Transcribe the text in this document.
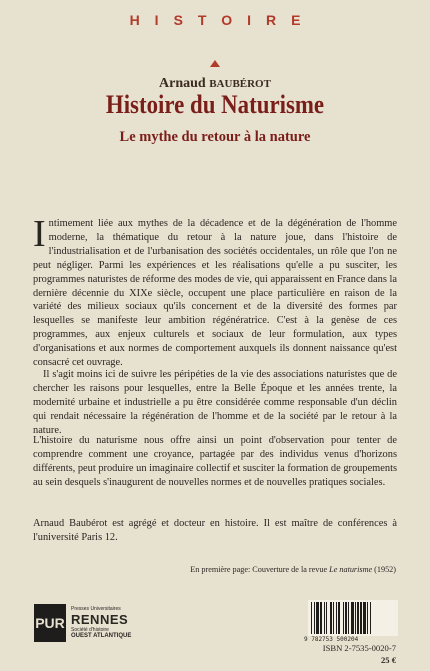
HISTOIRE
Arnaud BAUBÉROT
Histoire du Naturisme
Le mythe du retour à la nature
Intimement liée aux mythes de la décadence et de la dégénération de l'homme moderne, la thématique du retour à la nature joue, dans l'histoire de l'industrialisation et de l'urbanisation des sociétés occidentales, un rôle que l'on ne peut négliger. Parmi les expériences et les réalisations qu'elle a pu susciter, les programmes naturistes de réforme des modes de vie, qui apparaissent en France dans la dernière décennie du XIXe siècle, occupent une place particulière en raison de la variété des milieux sociaux qu'ils concernent et de la diversité des formes par lesquelles se manifeste leur ambition régénératrice. C'est à la genèse de ces programmes, aux enjeux culturels et sociaux de leur formulation, aux types d'organisations et aux normes de comportement auxquels ils donnent naissance qu'est consacré cet ouvrage.
Il s'agit moins ici de suivre les péripéties de la vie des associations naturistes que de chercher les raisons pour lesquelles, entre la Belle Époque et les années trente, la modernité urbaine et industrielle a pu être considérée comme responsable d'un déclin qui rendait nécessaire la régénération de l'homme et de la société par le retour à la nature.
L'histoire du naturisme nous offre ainsi un point d'observation pour tenter de comprendre comment une croyance, partagée par des individus venus d'horizons différents, peut produire un imaginaire collectif et susciter la formation de groupements au sein desquels s'inaugurent de nouvelles normes et de nouvelles pratiques sociales.
Arnaud Baubérot est agrégé et docteur en histoire. Il est maître de conférences à l'université Paris 12.
En première page: Couverture de la revue Le naturisme (1952)
PUR
Presses Universitaires
RENNES
Société d'histoire
OUEST ATLANTIQUE	9 782753 500204
ISBN 2-7535-0020-7
25 €
